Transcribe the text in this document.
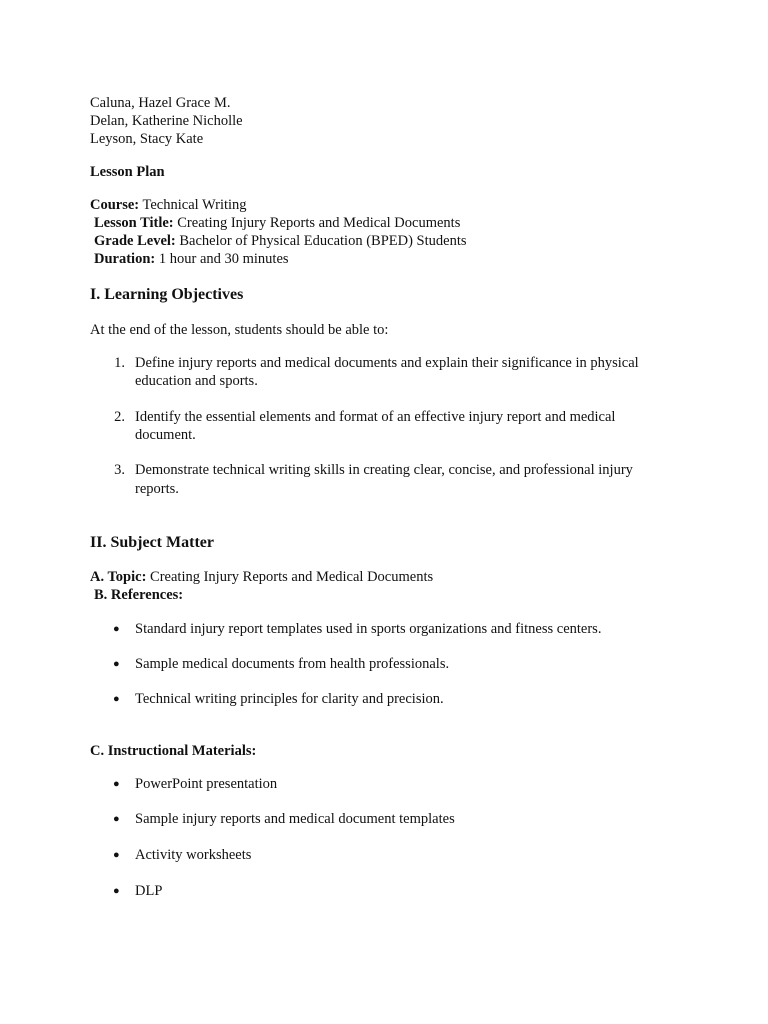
Caluna, Hazel Grace M.
Delan, Katherine Nicholle
Leyson, Stacy Kate
Lesson Plan
Course: Technical Writing
Lesson Title: Creating Injury Reports and Medical Documents
Grade Level: Bachelor of Physical Education (BPED) Students
Duration: 1 hour and 30 minutes
I. Learning Objectives
At the end of the lesson, students should be able to:
1. Define injury reports and medical documents and explain their significance in physical
education and sports.
2. Identify the essential elements and format of an effective injury report and medical
document.
3. Demonstrate technical writing skills in creating clear, concise, and professional injury
reports.
II. Subject Matter
A. Topic: Creating Injury Reports and Medical Documents
B. References:
● Standard injury report templates used in sports organizations and fitness centers.
● Sample medical documents from health professionals.
● Technical writing principles for clarity and precision.
C. Instructional Materials:
● PowerPoint presentation
● Sample injury reports and medical document templates
● Activity worksheets
● DLP
